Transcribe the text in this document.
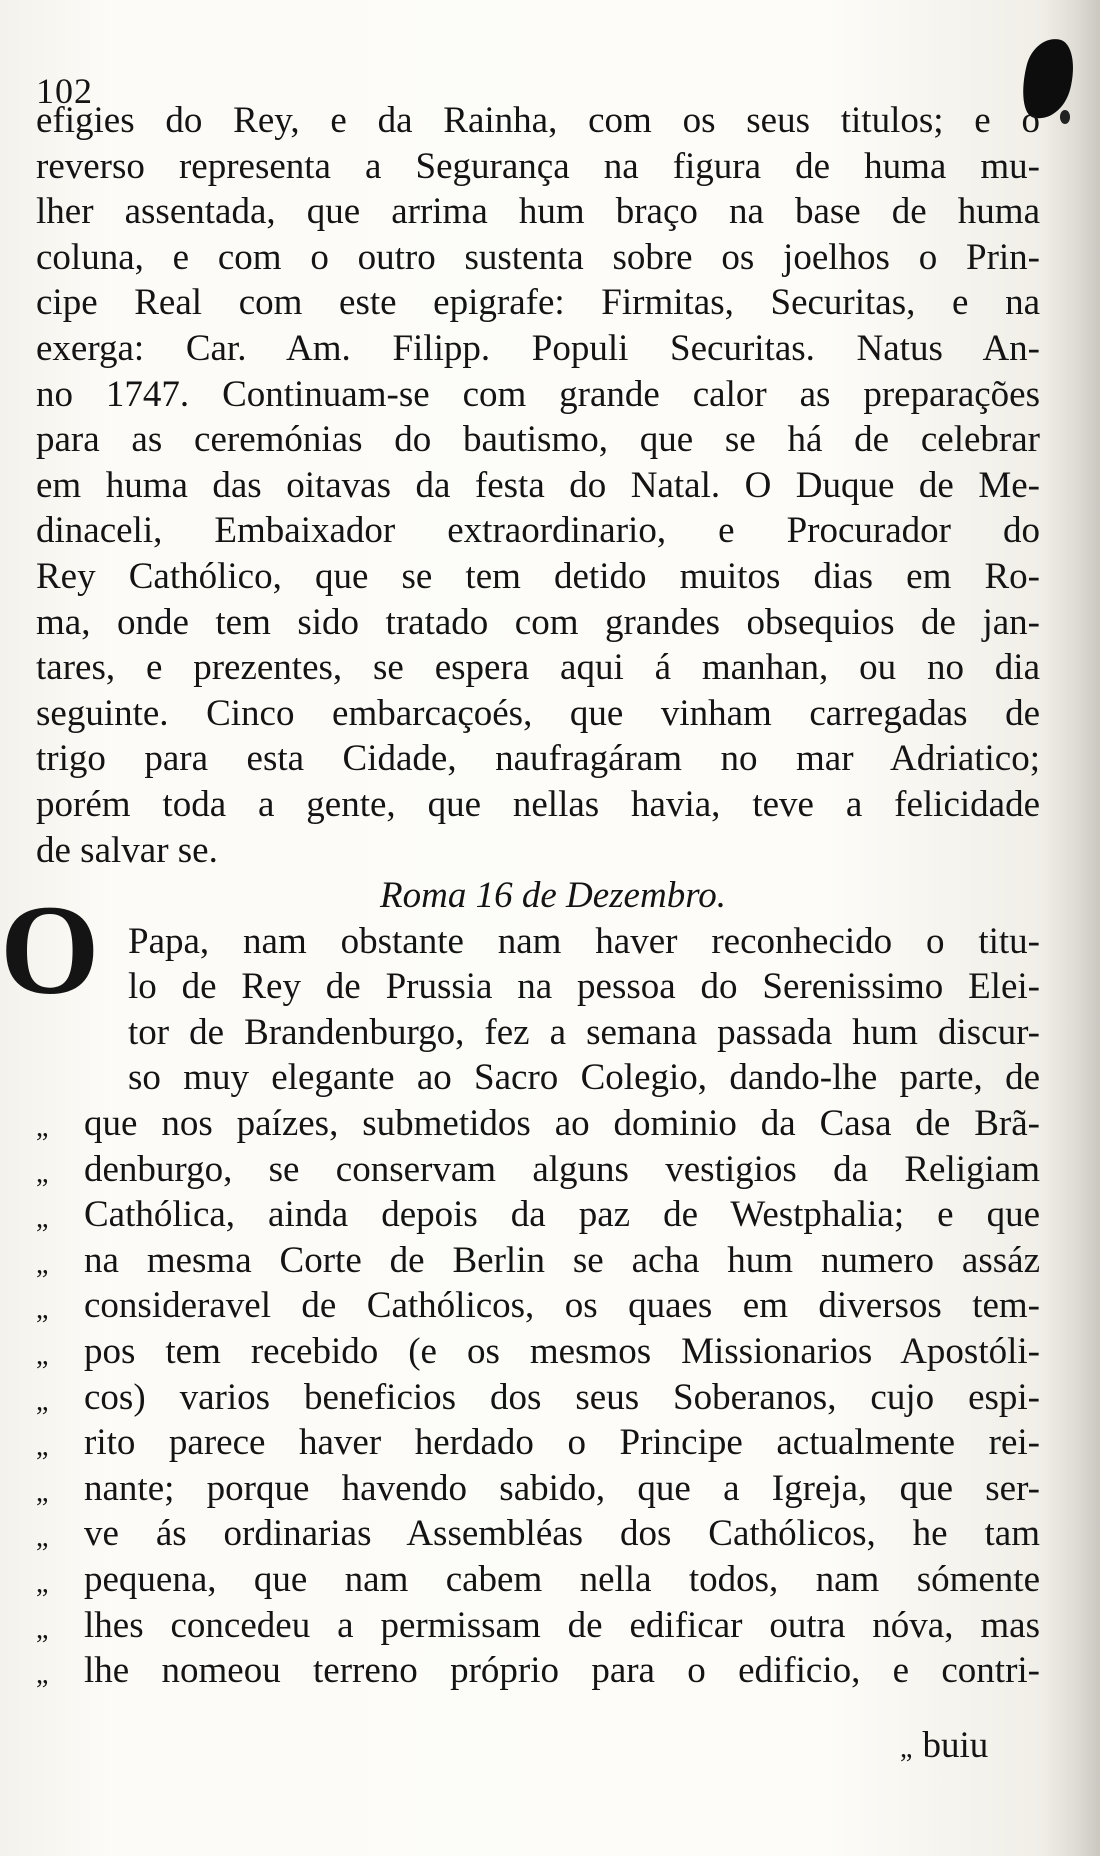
102
efigies do Rey, e da Rainha, com os seus titulos; e o
reverso representa a Segurança na figura de huma mu-
lher assentada, que arrima hum braço na base de huma
coluna, e com o outro sustenta sobre os joelhos o Prin-
cipe Real com este epigrafe: Firmitas, Securitas, e na
exerga: Car. Am. Filipp. Populi Securitas. Natus An-
no 1747. Continuam-se com grande calor as preparações
para as ceremónias do bautismo, que se há de celebrar
em huma das oitavas da festa do Natal. O Duque de Me-
dinaceli, Embaixador extraordinario, e Procurador do
Rey Cathólico, que se tem detido muitos dias em Ro-
ma, onde tem sido tratado com grandes obsequios de jan-
tares, e prezentes, se espera aqui á manhan, ou no dia
seguinte. Cinco embarcaçoés, que vinham carregadas de
trigo para esta Cidade, naufragáram no mar Adriatico;
porém toda a gente, que nellas havia, teve a felicidade
de salvar se.
Roma 16 de Dezembro.
Papa, nam obstante nam haver reconhecido o titu-
lo de Rey de Prussia na pessoa do Serenissimo Elei-
tor de Brandenburgo, fez a semana passada hum discur-
so muy elegante ao Sacro Colegio, dando-lhe parte, de
„ que nos paízes, submetidos ao dominio da Casa de Brã-
„ denburgo, se conservam alguns vestigios da Religiam
„ Cathólica, ainda depois da paz de Westphalia; e que
„ na mesma Corte de Berlin se acha hum numero assáz
„ consideravel de Cathólicos, os quaes em diversos tem-
„ pos tem recebido (e os mesmos Missionarios Apostóli-
„ cos) varios beneficios dos seus Soberanos, cujo espi-
„ rito parece haver herdado o Principe actualmente rei-
„ nante; porque havendo sabido, que a Igreja, que ser-
„ ve ás ordinarias Assembléas dos Cathólicos, he tam
„ pequena, que nam cabem nella todos, nam sómente
„ lhes concedeu a permissam de edificar outra nóva, mas
„ lhe nomeou terreno próprio para o edificio, e contri-
O
„ buiu
